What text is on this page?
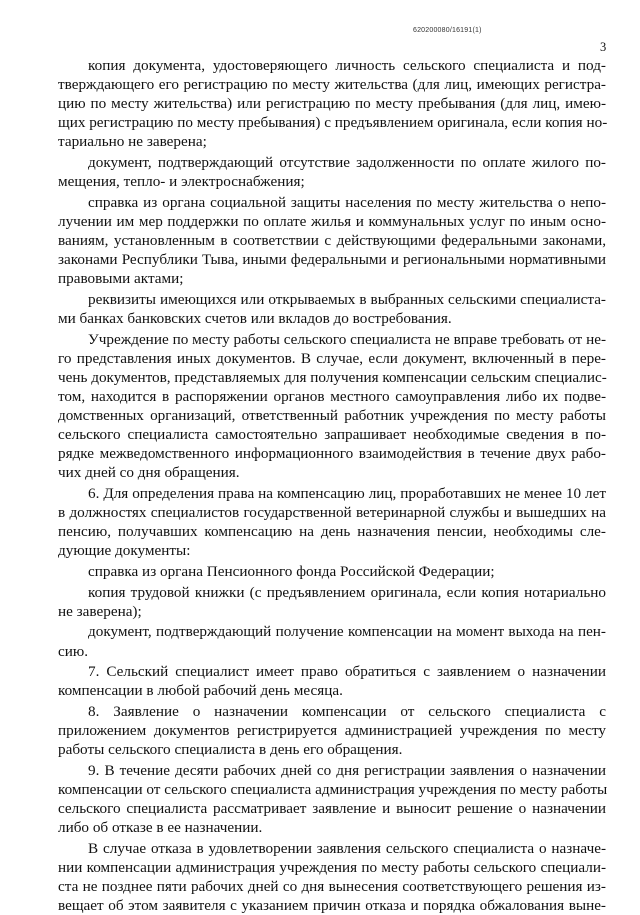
620200080/16191(1)
3
копия документа, удостоверяющего личность сельского специалиста и под-
тверждающего его регистрацию по месту жительства (для лиц, имеющих регистра-
цию по месту жительства) или регистрацию по месту пребывания (для лиц, имею-
щих регистрацию по месту пребывания) с предъявлением оригинала, если копия но-
тариально не заверена;
документ, подтверждающий отсутствие задолженности по оплате жилого по-
мещения, тепло- и электроснабжения;
справка из органа социальной защиты населения по месту жительства о непо-
лучении им мер поддержки по оплате жилья и коммунальных услуг по иным осно-
ваниям, установленным в соответствии с действующими федеральными законами,
законами Республики Тыва, иными федеральными и региональными нормативными
правовыми актами;
реквизиты имеющихся или открываемых в выбранных сельскими специалиста-
ми банках банковских счетов или вкладов до востребования.
Учреждение по месту работы сельского специалиста не вправе требовать от не-
го представления иных документов. В случае, если документ, включенный в пере-
чень документов, представляемых для получения компенсации сельским специалис-
том, находится в распоряжении органов местного самоуправления либо их подве-
домственных организаций, ответственный работник учреждения по месту работы
сельского специалиста самостоятельно запрашивает необходимые сведения в по-
рядке межведомственного информационного взаимодействия в течение двух рабо-
чих дней со дня обращения.
6. Для определения права на компенсацию лиц, проработавших не менее 10 лет
в должностях специалистов государственной ветеринарной службы и вышедших на
пенсию, получавших компенсацию на день назначения пенсии, необходимы сле-
дующие документы:
справка из органа Пенсионного фонда Российской Федерации;
копия трудовой книжки (с предъявлением оригинала, если копия нотариально
не заверена);
документ, подтверждающий получение компенсации на момент выхода на пен-
сию.
7. Сельский специалист имеет право обратиться с заявлением о назначении
компенсации в любой рабочий день месяца.
8. Заявление о назначении компенсации от сельского специалиста с
приложением документов регистрируется администрацией учреждения по месту
работы сельского специалиста в день его обращения.
9. В течение десяти рабочих дней со дня регистрации заявления о назначении
компенсации от сельского специалиста администрация учреждения по месту работы
сельского специалиста рассматривает заявление и выносит решение о назначении
либо об отказе в ее назначении.
В случае отказа в удовлетворении заявления сельского специалиста о назначе-
нии компенсации администрация учреждения по месту работы сельского специали-
ста не позднее пяти рабочих дней со дня вынесения соответствующего решения из-
вещает об этом заявителя с указанием причин отказа и порядка обжалования выне-
